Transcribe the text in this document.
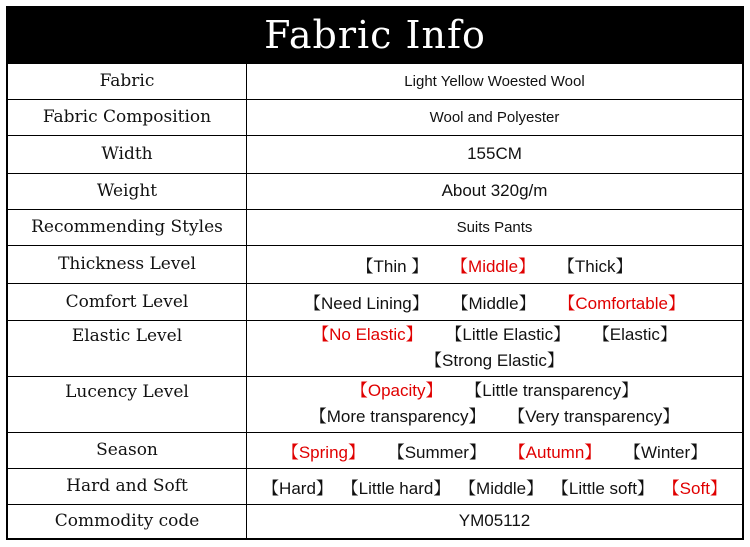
Fabric Info
Fabric	Light Yellow Woested Wool
Fabric Composition	Wool and Polyester
Width	155CM
Weight	About 320g/m
Recommending Styles	Suits Pants
Thickness Level	【Thin 】 【Middle】 【Thick】
Comfort Level	【Need Lining】 【Middle】 【Comfortable】
Elastic Level	【No Elastic】 【Little Elastic】 【Elastic】
【Strong Elastic】

Lucency Level	【Opacity】 【Little transparency】
【More transparency】 【Very transparency】

Season	【Spring】 【Summer】 【Autumn】 【Winter】
Hard and Soft	【Hard】 【Little hard】 【Middle】 【Little soft】 【Soft】
Commodity code	YM05112
